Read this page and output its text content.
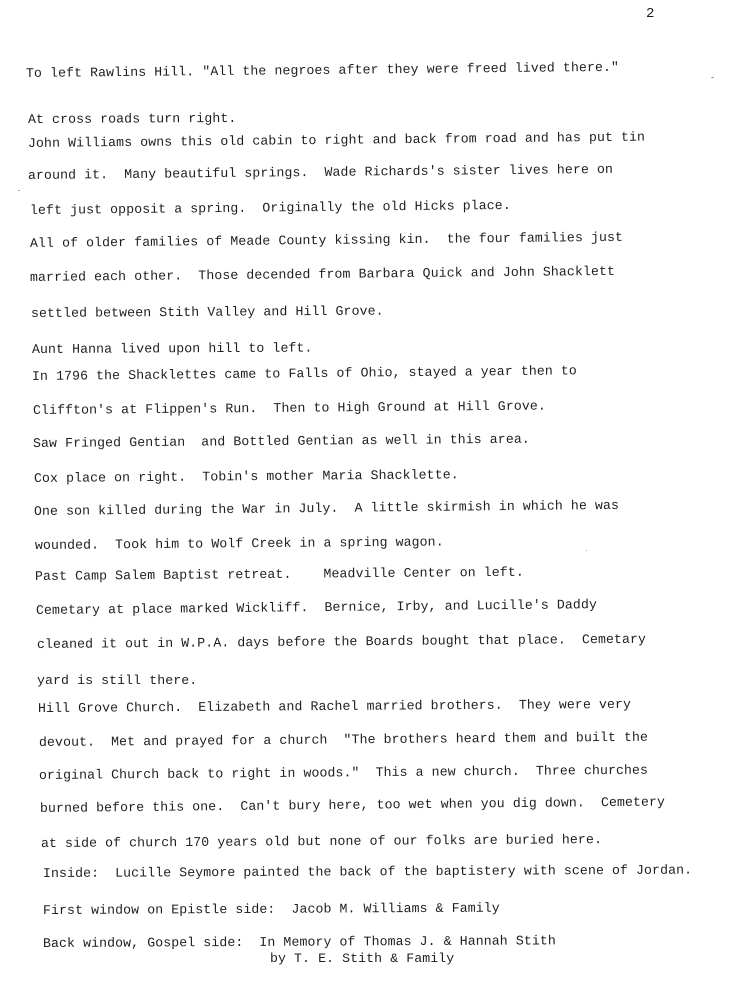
2
To left Rawlins Hill. "All the negroes after they were freed lived there."
At cross roads turn right.
John Williams owns this old cabin to right and back from road and has put tin
around it.  Many beautiful springs.  Wade Richards's sister lives here on
left just opposit a spring.  Originally the old Hicks place.
All of older families of Meade County kissing kin.  the four families just
married each other.  Those decended from Barbara Quick and John Shacklett
settled between Stith Valley and Hill Grove.
Aunt Hanna lived upon hill to left.
In 1796 the Shacklettes came to Falls of Ohio, stayed a year then to
Cliffton's at Flippen's Run.  Then to High Ground at Hill Grove.
Saw Fringed Gentian  and Bottled Gentian as well in this area.
Cox place on right.  Tobin's mother Maria Shacklette.
One son killed during the War in July.  A little skirmish in which he was
wounded.  Took him to Wolf Creek in a spring wagon.
Past Camp Salem Baptist retreat.    Meadville Center on left.
Cemetary at place marked Wickliff.  Bernice, Irby, and Lucille's Daddy
cleaned it out in W.P.A. days before the Boards bought that place.  Cemetary
yard is still there.
Hill Grove Church.  Elizabeth and Rachel married brothers.  They were very
devout.  Met and prayed for a church  "The brothers heard them and built the
original Church back to right in woods."  This a new church.  Three churches
burned before this one.  Can't bury here, too wet when you dig down.  Cemetery
at side of church 170 years old but none of our folks are buried here.
Inside:  Lucille Seymore painted the back of the baptistery with scene of Jordan.
First window on Epistle side:  Jacob M. Williams & Family
Back window, Gospel side:  In Memory of Thomas J. & Hannah Stith
by T. E. Stith & Family
